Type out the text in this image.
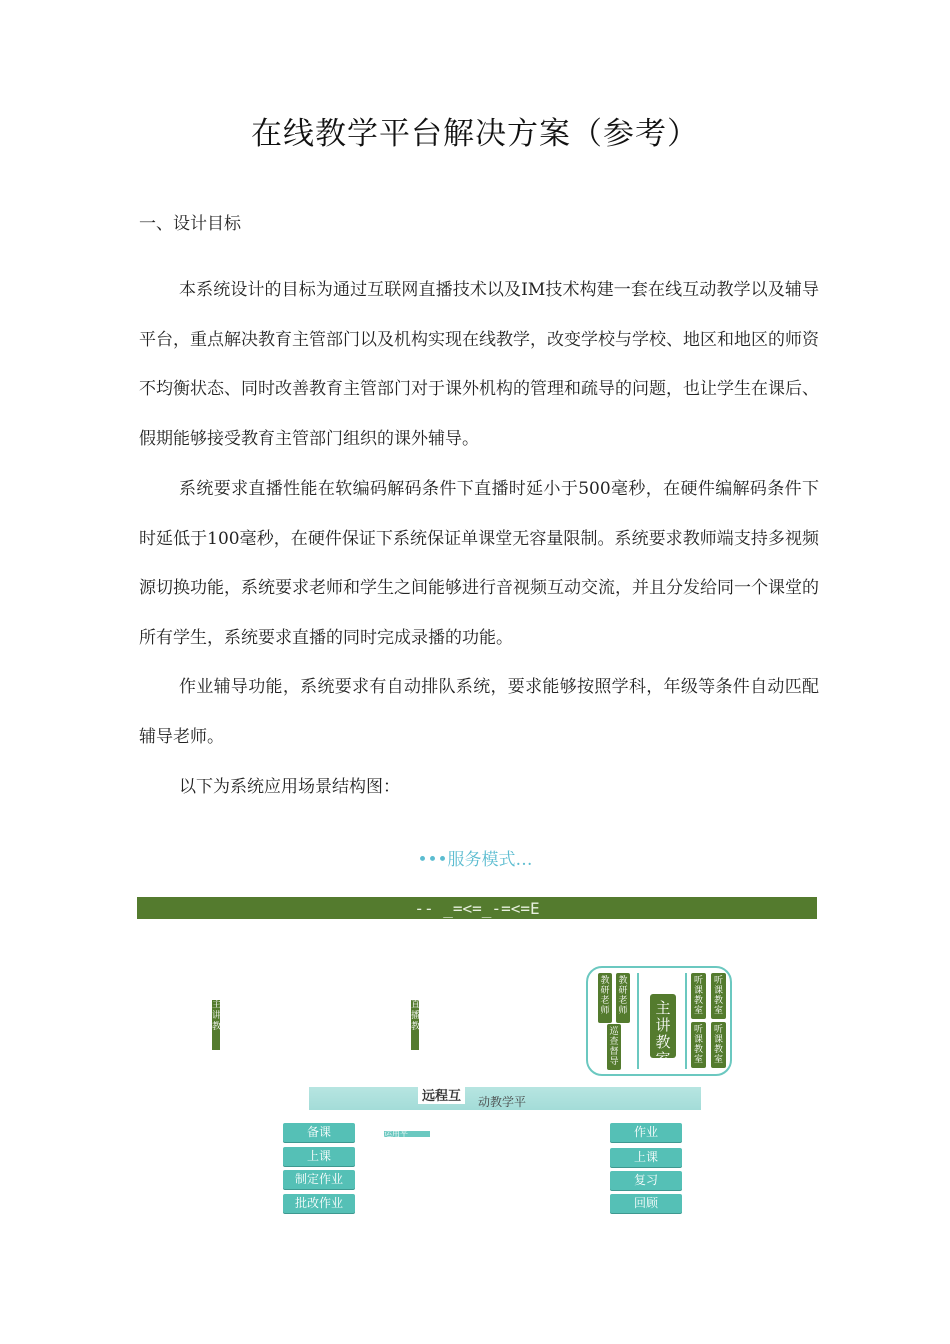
在线教学平台解决方案（参考）
一、设计目标

本系统设计的目标为通过互联网直播技术以及IM技术构建一套在线互动教学以及辅导平台，重点解决教育主管部门以及机构实现在线教学，改变学校与学校、地区和地区的师资不均衡状态、同时改善教育主管部门对于课外机构的管理和疏导的问题，也让学生在课后、假期能够接受教育主管部门组织的课外辅导。

系统要求直播性能在软编码解码条件下直播时延小于500毫秒，在硬件编解码条件下时延低于100毫秒，在硬件保证下系统保证单课堂无容量限制。系统要求教师端支持多视频源切换功能，系统要求老师和学生之间能够进行音视频互动交流，并且分发给同一个课堂的所有学生，系统要求直播的同时完成录播的功能。

作业辅导功能，系统要求有自动排队系统，要求能够按照学科，年级等条件自动匹配辅导老师。

以下为系统应用场景结构图：

•••服务模式…
-- _=<=_-=<=E
主讲教
直播教
教研老师
教研老师
巡查督导
主讲教室
听课教室
听课教室
听课教室
听课教室
远程互	动教学平
运用平
备课
上课
制定作业
批改作业
作业
上课
复习
回顾
